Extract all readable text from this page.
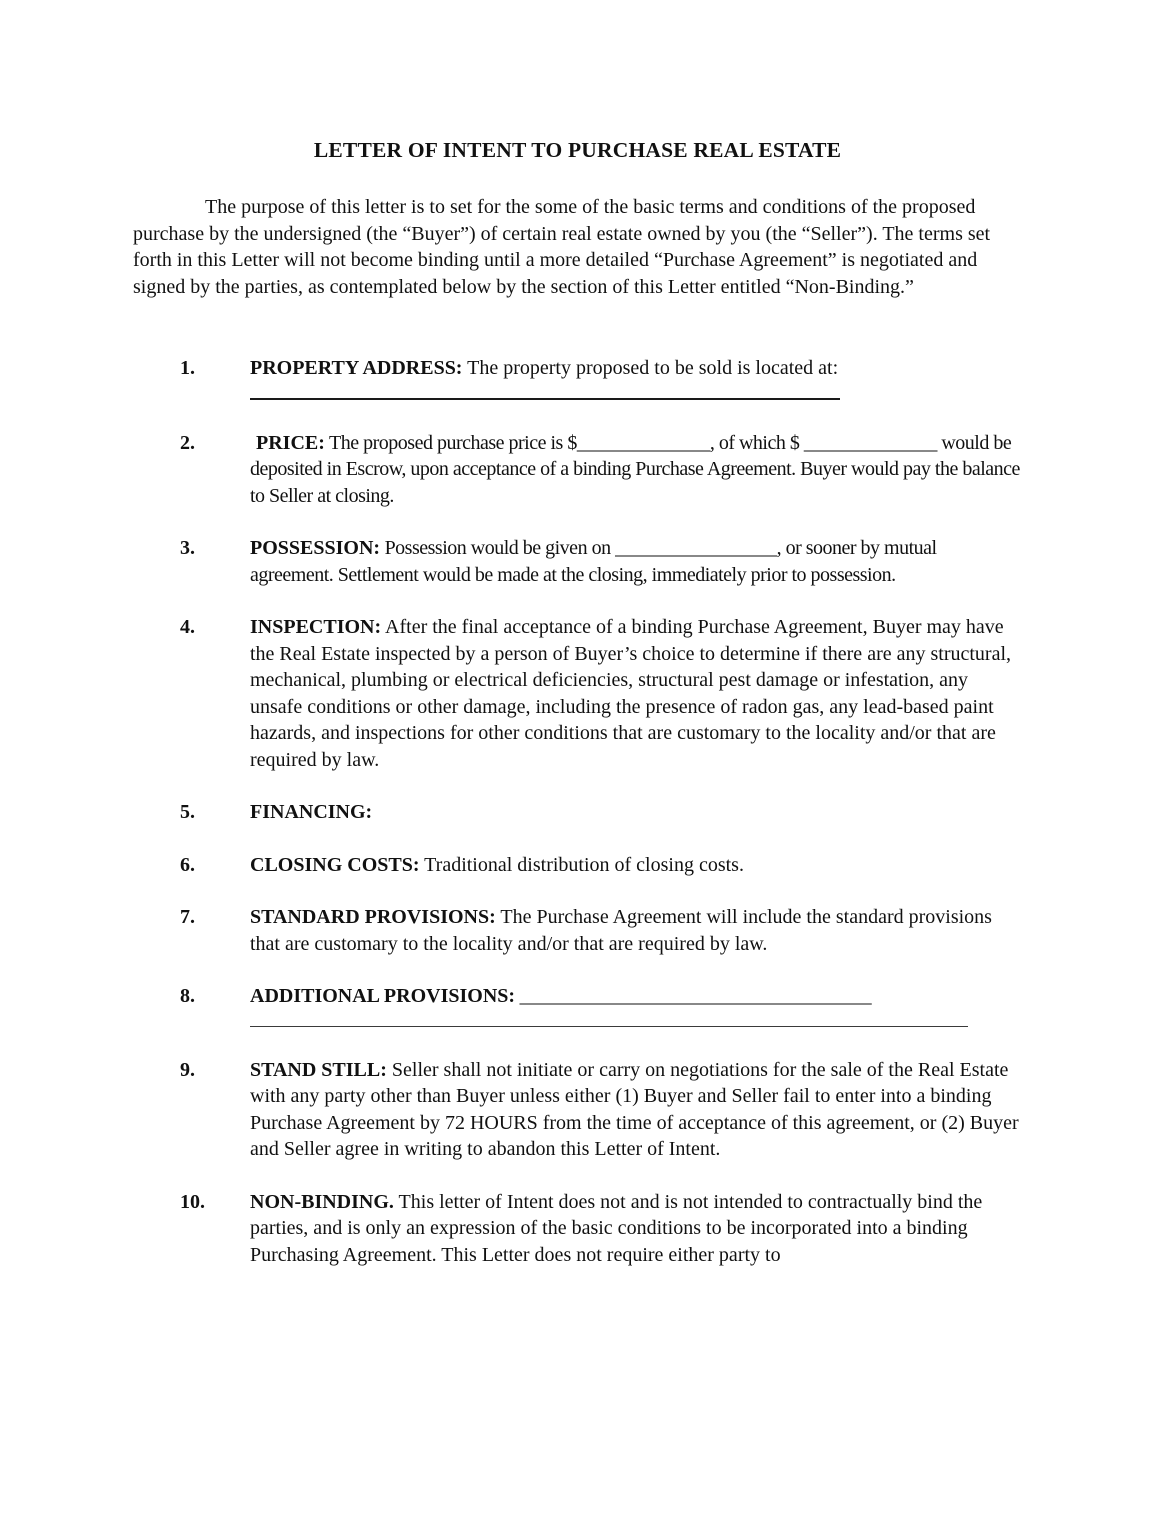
LETTER OF INTENT TO PURCHASE REAL ESTATE
The purpose of this letter is to set for the some of the basic terms and conditions of the proposed purchase by the undersigned (the “Buyer”) of certain real estate owned by you (the “Seller”). The terms set forth in this Letter will not become binding until a more detailed “Purchase Agreement” is negotiated and signed by the parties, as contemplated below by the section of this Letter entitled “Non-Binding.”
1.	PROPERTY ADDRESS: The property proposed to be sold is located at:
2.	PRICE: The proposed purchase price is $______________, of which $ ______________ would be deposited in Escrow, upon acceptance of a binding Purchase Agreement. Buyer would pay the balance to Seller at closing.
3.	POSSESSION: Possession would be given on _________________, or sooner by mutual agreement. Settlement would be made at the closing, immediately prior to possession.
4.	INSPECTION: After the final acceptance of a binding Purchase Agreement, Buyer may have the Real Estate inspected by a person of Buyer’s choice to determine if there are any structural, mechanical, plumbing or electrical deficiencies, structural pest damage or infestation, any unsafe conditions or other damage, including the presence of radon gas, any lead-based paint hazards, and inspections for other conditions that are customary to the locality and/or that are required by law.
5.	FINANCING:
6.	CLOSING COSTS: Traditional distribution of closing costs.
7.	STANDARD PROVISIONS: The Purchase Agreement will include the standard provisions that are customary to the locality and/or that are required by law.
8.	ADDITIONAL PROVISIONS: _____________________________________
9.	STAND STILL: Seller shall not initiate or carry on negotiations for the sale of the Real Estate with any party other than Buyer unless either (1) Buyer and Seller fail to enter into a binding Purchase Agreement by 72 HOURS from the time of acceptance of this agreement, or (2) Buyer and Seller agree in writing to abandon this Letter of Intent.
10.	NON-BINDING. This letter of Intent does not and is not intended to contractually bind the parties, and is only an expression of the basic conditions to be incorporated into a binding Purchasing Agreement. This Letter does not require either party to
